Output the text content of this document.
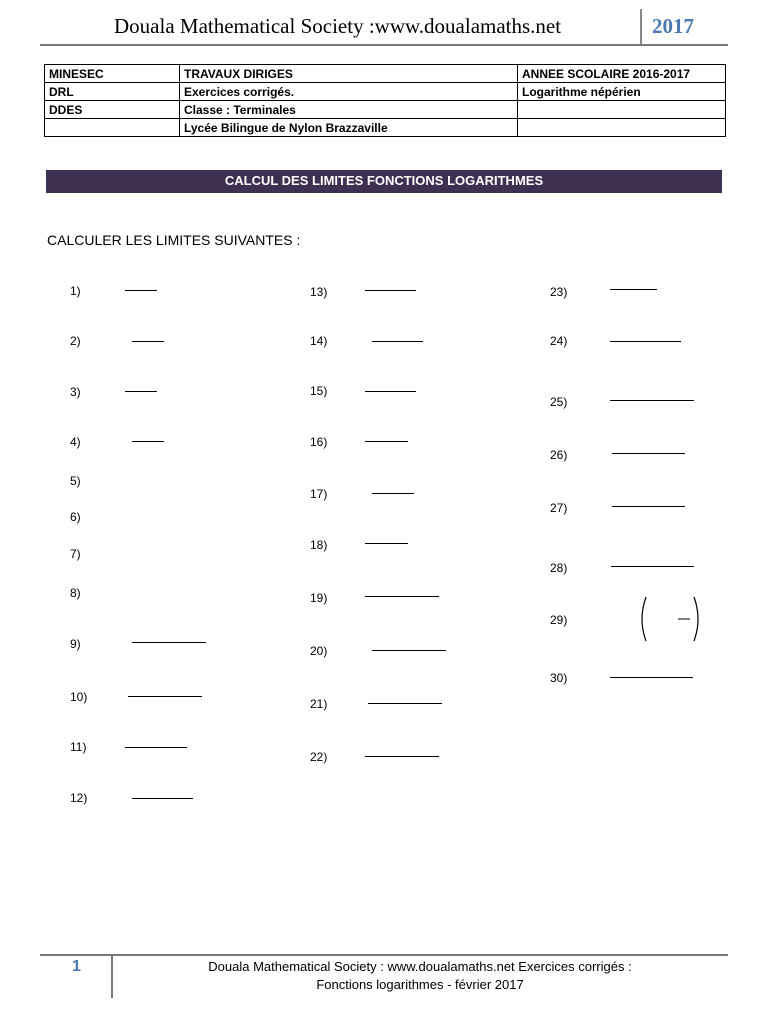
Douala Mathematical Society :www.doualamaths.net	2017
MINESEC	TRAVAUX DIRIGES	ANNEE SCOLAIRE 2016-2017
DRL	Exercices corrigés.	Logarithme népérien
DDES	Classe : Terminales	
	Lycée Bilingue de Nylon Brazzaville	
CALCUL DES LIMITES FONCTIONS LOGARITHMES
CALCULER LES LIMITES SUIVANTES :
1)
2)
3)
4)
5)
6)
7)
8)
9)
10)
11)
12)
13)
14)
15)
16)
17)
18)
19)
20)
21)
22)
23)
24)
25)
26)
27)
28)
29)
30)
1	Douala Mathematical Society : www.doualamaths.net Exercices corrigés :
Fonctions logarithmes - février 2017
